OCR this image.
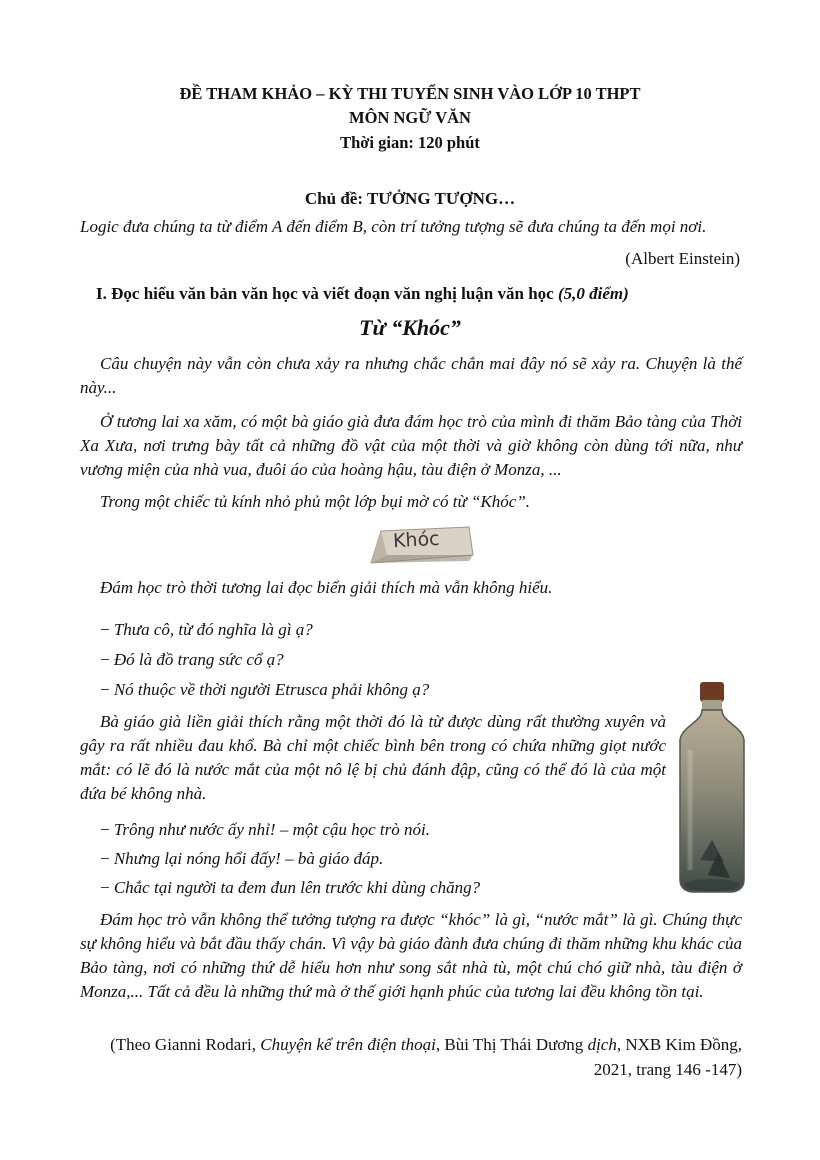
ĐỀ THAM KHẢO – KỲ THI TUYỂN SINH VÀO LỚP 10 THPT
MÔN NGỮ VĂN
Thời gian: 120 phút
Chủ đề: TƯỞNG TƯỢNG…
Logic đưa chúng ta từ điểm A đến điểm B, còn trí tưởng tượng sẽ đưa chúng ta đến mọi nơi.
(Albert Einstein)
I. Đọc hiểu văn bản văn học và viết đoạn văn nghị luận văn học (5,0 điểm)
Từ “Khóc”
Câu chuyện này vẫn còn chưa xảy ra nhưng chắc chắn mai đây nó sẽ xảy ra. Chuyện là thế này...
Ở tương lai xa xăm, có một bà giáo già đưa đám học trò của mình đi thăm Bảo tàng của Thời Xa Xưa, nơi trưng bày tất cả những đồ vật của một thời và giờ không còn dùng tới nữa, như vương miện của nhà vua, đuôi áo của hoàng hậu, tàu điện ở Monza, ...
Trong một chiếc tủ kính nhỏ phủ một lớp bụi mờ có từ “Khóc”.
Khóc
Đám học trò thời tương lai đọc biển giải thích mà vẫn không hiểu.
− Thưa cô, từ đó nghĩa là gì ạ?
− Đó là đồ trang sức cổ ạ?
− Nó thuộc về thời người Etrusca phải không ạ?
Bà giáo già liền giải thích rằng một thời đó là từ được dùng rất thường xuyên và gây ra rất nhiều đau khổ. Bà chỉ một chiếc bình bên trong có chứa những giọt nước mắt: có lẽ đó là nước mắt của một nô lệ bị chủ đánh đập, cũng có thể đó là của một đứa bé không nhà.
− Trông như nước ấy nhỉ! – một cậu học trò nói.
− Nhưng lại nóng hổi đấy! – bà giáo đáp.
− Chắc tại người ta đem đun lên trước khi dùng chăng?
Đám học trò vẫn không thể tưởng tượng ra được “khóc” là gì, “nước mắt” là gì. Chúng thực sự không hiểu và bắt đầu thấy chán. Vì vậy bà giáo đành đưa chúng đi thăm những khu khác của Bảo tàng, nơi có những thứ dễ hiểu hơn như song sắt nhà tù, một chú chó giữ nhà, tàu điện ở Monza,... Tất cả đều là những thứ mà ở thế giới hạnh phúc của tương lai đều không tồn tại.
(Theo Gianni Rodari, Chuyện kể trên điện thoại, Bùi Thị Thái Dương dịch, NXB Kim Đồng,
2021, trang 146 -147)
